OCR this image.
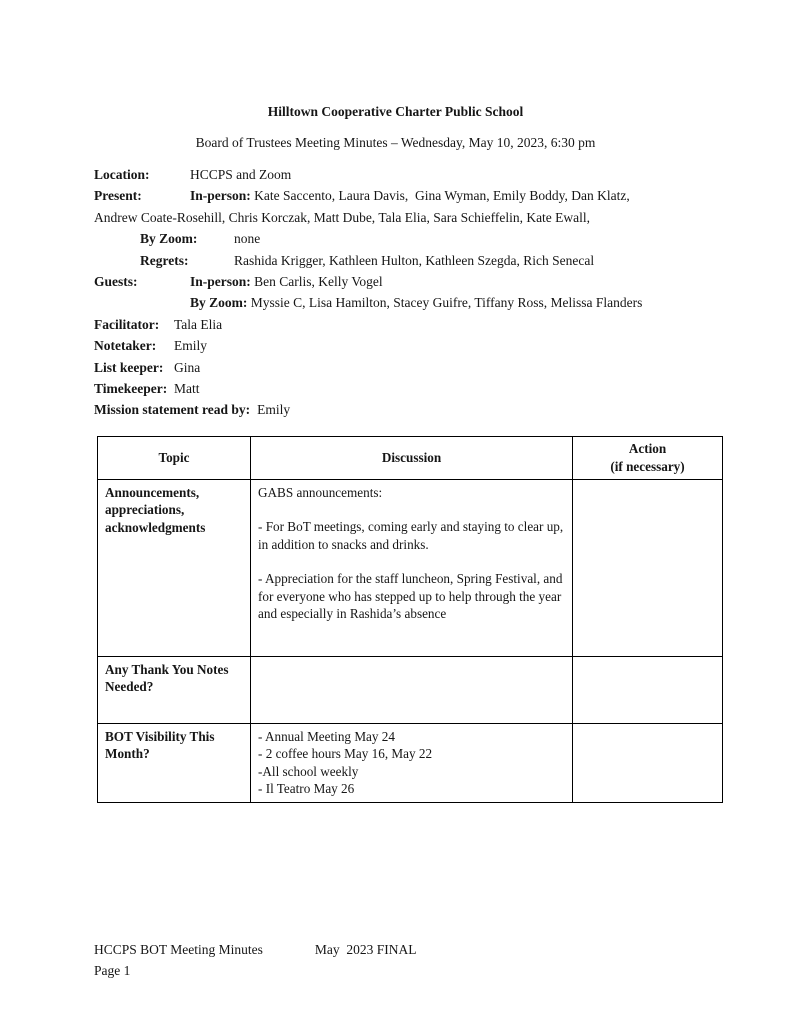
Hilltown Cooperative Charter Public School

Board of Trustees Meeting Minutes – Wednesday, May 10, 2023, 6:30 pm

Location:	HCCPS and Zoom
Present:	In-person: Kate Saccento, Laura Davis,  Gina Wyman, Emily Boddy, Dan Klatz,
Andrew Coate-Rosehill, Chris Korczak, Matt Dube, Tala Elia, Sara Schieffelin, Kate Ewall,
By Zoom:	none
Regrets:	Rashida Krigger, Kathleen Hulton, Kathleen Szegda, Rich Senecal
Guests:	In-person: Ben Carlis, Kelly Vogel
By Zoom: Myssie C, Lisa Hamilton, Stacey Guifre, Tiffany Ross, Melissa Flanders
Facilitator: Tala Elia
Notetaker: Emily
List keeper: Gina
Timekeeper: Matt
Mission statement read by: Emily
Topic	Discussion	Action
(if necessary)

Announcements, appreciations, acknowledgments	GABS announcements:

- For BoT meetings, coming early and staying to clear up, in addition to snacks and drinks.

- Appreciation for the staff luncheon, Spring Festival, and for everyone who has stepped up to help through the year and especially in Rashida’s absence	

Any Thank You Notes Needed?		
BOT Visibility This Month?	- Annual Meeting May 24
- 2 coffee hours May 16, May 22
-All school weekly
- Il Teatro May 26	

HCCPS BOT Meeting Minutes	May  2023 FINAL
Page 1
